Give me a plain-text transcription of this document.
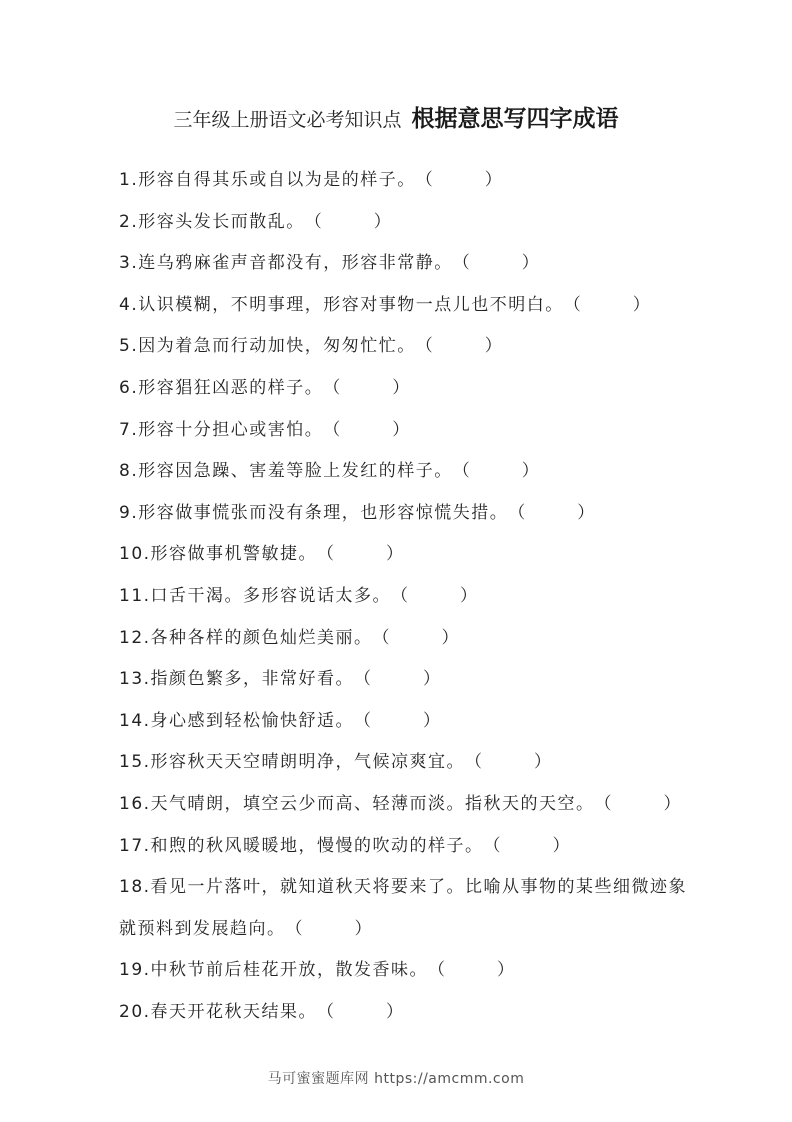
三年级上册语文必考知识点 根据意思写四字成语
1.形容自得其乐或自以为是的样子。（	）
2.形容头发长而散乱。（	）
3.连乌鸦麻雀声音都没有，形容非常静。（	）
4.认识模糊，不明事理，形容对事物一点儿也不明白。（	）
5.因为着急而行动加快，匆匆忙忙。（	）
6.形容猖狂凶恶的样子。（	）
7.形容十分担心或害怕。（	）
8.形容因急躁、害羞等脸上发红的样子。（	）
9.形容做事慌张而没有条理，也形容惊慌失措。（	）
10.形容做事机警敏捷。（	）
11.口舌干渴。多形容说话太多。（	）
12.各种各样的颜色灿烂美丽。（	）
13.指颜色繁多，非常好看。（	）
14.身心感到轻松愉快舒适。（	）
15.形容秋天天空晴朗明净，气候凉爽宜。（	）
16.天气晴朗，填空云少而高、轻薄而淡。指秋天的天空。（	）
17.和煦的秋风暖暖地，慢慢的吹动的样子。（	）
18.看见一片落叶，就知道秋天将要来了。比喻从事物的某些细微迹象就预料到发展趋向。（	）
19.中秋节前后桂花开放，散发香味。（	）
20.春天开花秋天结果。（	）
马可蜜蜜题库网 https://amcmm.com
